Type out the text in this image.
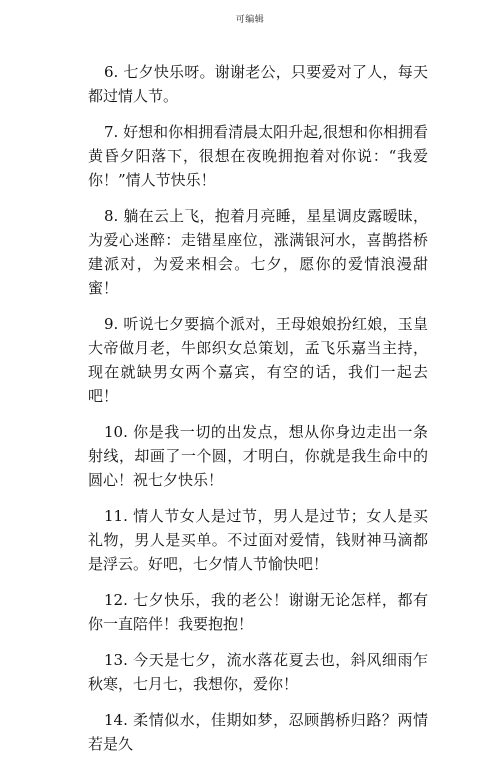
可编辑

6. 七夕快乐呀。谢谢老公，只要爱对了人，每天都过情人节。

7. 好想和你相拥看清晨太阳升起,很想和你相拥看黄昏夕阳落下，很想在夜晚拥抱着对你说：“我爱你！”情人节快乐！

8. 躺在云上飞，抱着月亮睡，星星调皮露暧昧，为爱心迷醉：走错星座位，涨满银河水，喜鹊搭桥建派对，为爱来相会。七夕，愿你的爱情浪漫甜蜜！

9. 听说七夕要搞个派对，王母娘娘扮红娘，玉皇大帝做月老，牛郎织女总策划，孟飞乐嘉当主持，现在就缺男女两个嘉宾，有空的话，我们一起去吧！

10. 你是我一切的出发点，想从你身边走出一条射线，却画了一个圆，才明白，你就是我生命中的圆心！祝七夕快乐！

11. 情人节女人是过节，男人是过节；女人是买礼物，男人是买单。不过面对爱情，钱财神马滴都是浮云。好吧，七夕情人节愉快吧！

12. 七夕快乐，我的老公！谢谢无论怎样，都有你一直陪伴！我要抱抱！

13. 今天是七夕，流水落花夏去也，斜风细雨乍秋寒，七月七，我想你，爱你！

14. 柔情似水，佳期如梦，忍顾鹊桥归路？两情若是久
